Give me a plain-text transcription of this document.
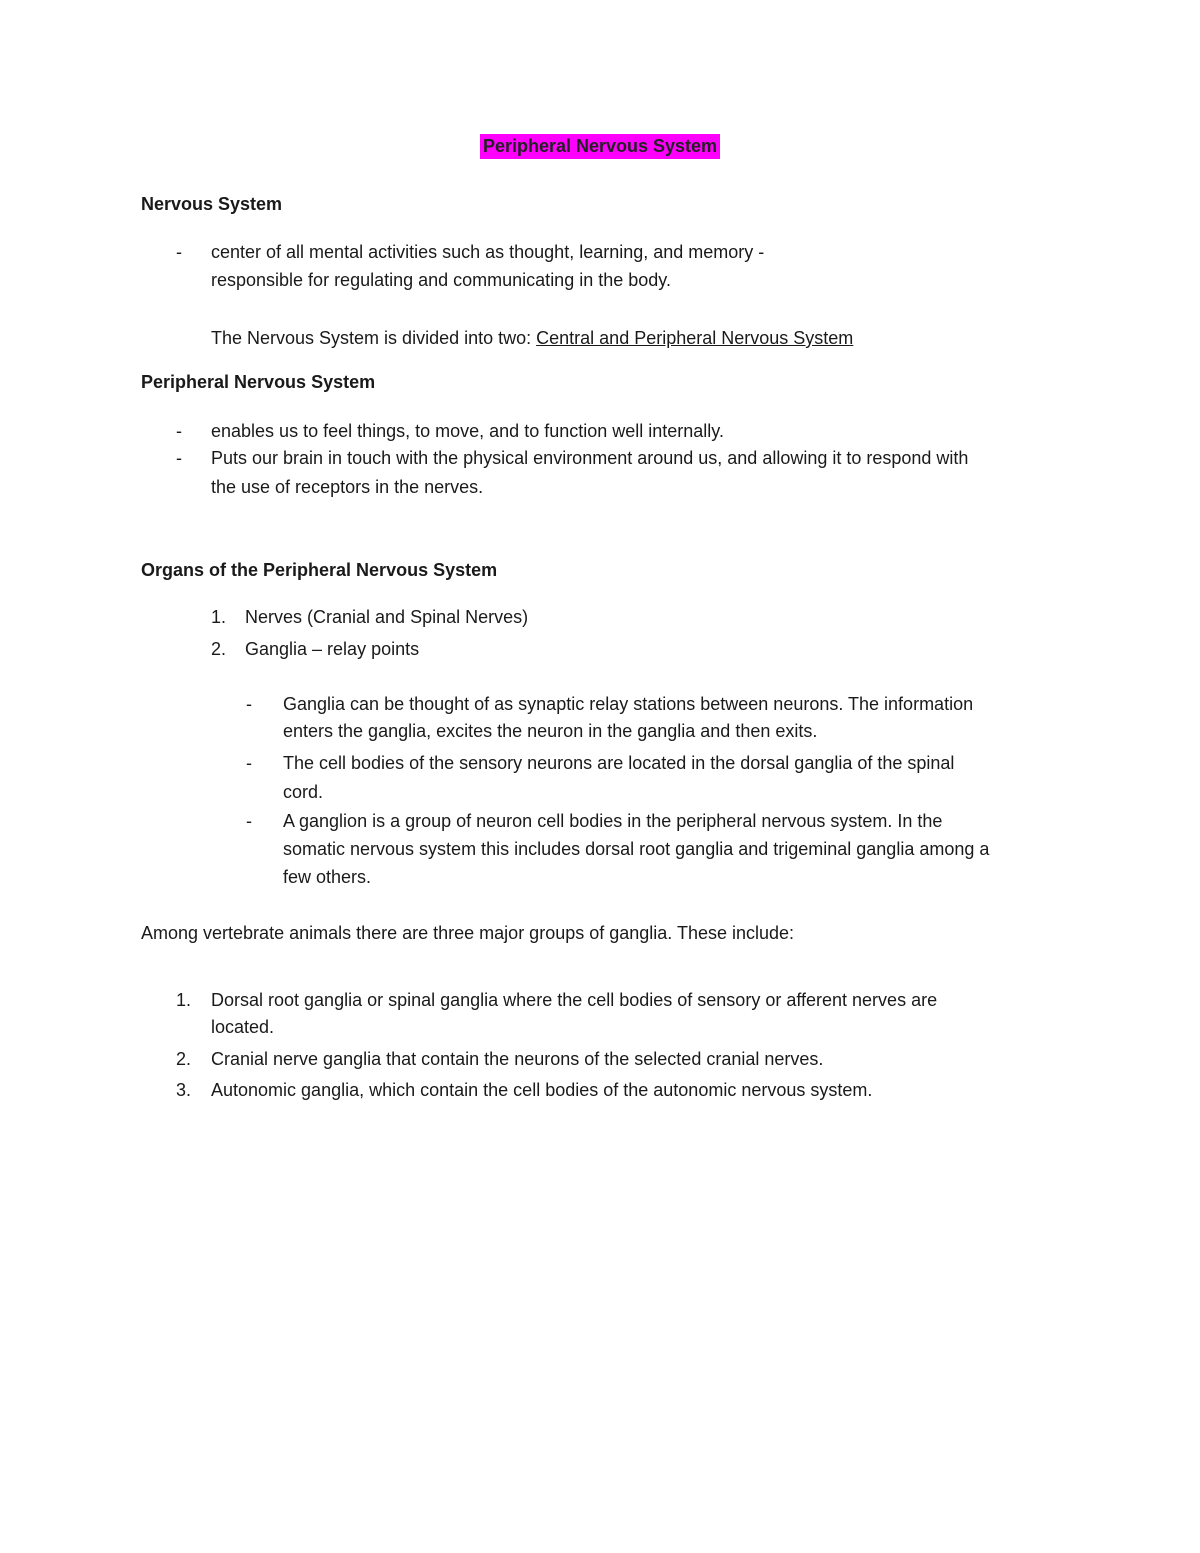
Peripheral Nervous System
Nervous System
-	center of all mental activities such as thought, learning, and memory -
responsible for regulating and communicating in the body.
The Nervous System is divided into two: Central and Peripheral Nervous System
Peripheral Nervous System
-	enables us to feel things, to move, and to function well internally.
-	Puts our brain in touch with the physical environment around us, and allowing it to respond with
the use of receptors in the nerves.
Organs of the Peripheral Nervous System
1. Nerves (Cranial and Spinal Nerves)
2. Ganglia – relay points
-	Ganglia can be thought of as synaptic relay stations between neurons. The information
enters the ganglia, excites the neuron in the ganglia and then exits.
-	The cell bodies of the sensory neurons are located in the dorsal ganglia of the spinal
cord.
-	A ganglion is a group of neuron cell bodies in the peripheral nervous system. In the
somatic nervous system this includes dorsal root ganglia and trigeminal ganglia among a
few others.
Among vertebrate animals there are three major groups of ganglia. These include:
1. Dorsal root ganglia or spinal ganglia where the cell bodies of sensory or afferent nerves are
located.
2. Cranial nerve ganglia that contain the neurons of the selected cranial nerves.
3. Autonomic ganglia, which contain the cell bodies of the autonomic nervous system.
